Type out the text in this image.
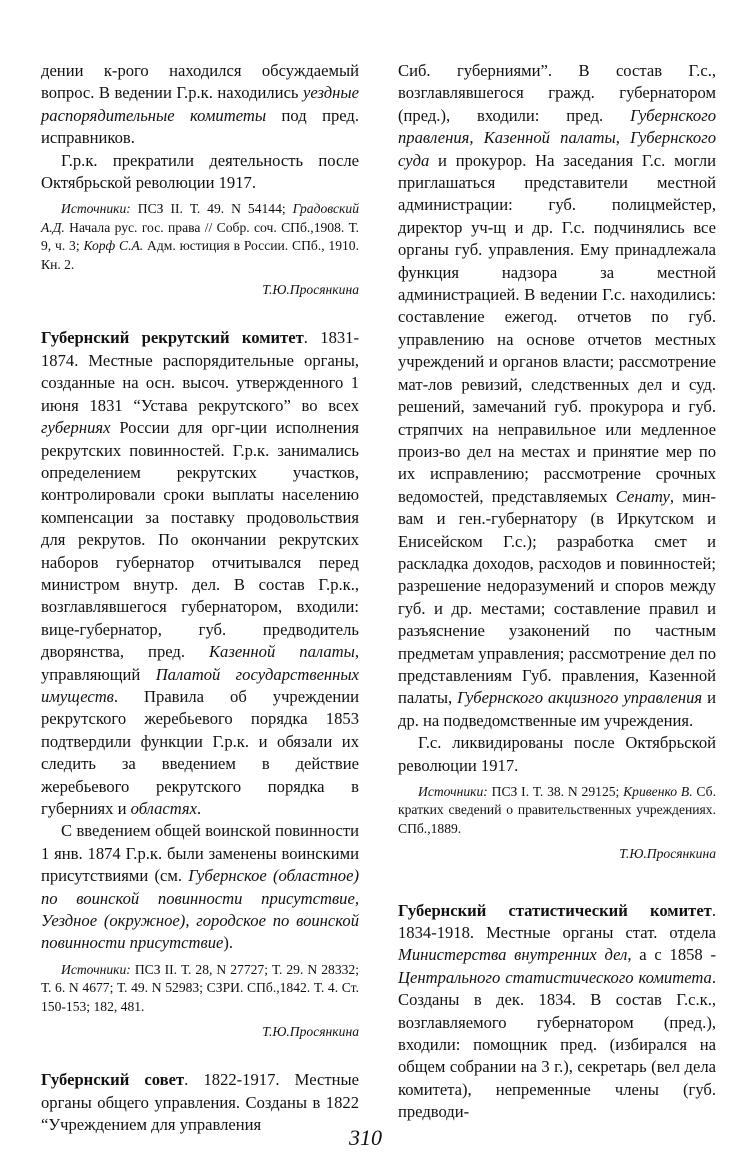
дении к-рого находился обсуждаемый вопрос. В ведении Г.р.к. находились уездные распорядительные комитеты под пред. исправников.

Г.р.к. прекратили деятельность после Октябрьской революции 1917.

Источники: ПСЗ II. Т. 49. N 54144; Градовский А.Д. Начала рус. гос. права // Собр. соч. СПб.,1908. Т. 9, ч. 3; Корф С.А. Адм. юстиция в России. СПб., 1910. Кн. 2.

Т.Ю.Просянкина

Губернский рекрутский комитет. 1831-1874. Местные распорядительные органы, созданные на осн. высоч. утвержденного 1 июня 1831 “Устава рекрутского” во всех губерниях России для орг-ции исполнения рекрутских повинностей. Г.р.к. занимались определением рекрутских участков, контролировали сроки выплаты населению компенсации за поставку продовольствия для рекрутов. По окончании рекрутских наборов губернатор отчитывался перед министром внутр. дел. В состав Г.р.к., возглавлявшегося губернатором, входили: вице-губернатор, губ. предводитель дворянства, пред. Казенной палаты, управляющий Палатой государственных имуществ. Правила об учреждении рекрутского жеребьевого порядка 1853 подтвердили функции Г.р.к. и обязали их следить за введением в действие жеребьевого рекрутского порядка в губерниях и областях.

С введением общей воинской повинности 1 янв. 1874 Г.р.к. были заменены воинскими присутствиями (см. Губернское (областное) по воинской повинности присутствие, Уездное (окружное), городское по воинской повинности присутствие).

Источники: ПСЗ II. Т. 28, N 27727; Т. 29. N 28332; Т. 6. N 4677; Т. 49. N 52983; СЗРИ. СПб.,1842. Т. 4. Ст. 150-153; 182, 481.

Т.Ю.Просянкина

Губернский совет. 1822-1917. Местные органы общего управления. Созданы в 1822 “Учреждением для управления

Сиб. губерниями”. В состав Г.с., возглавлявшегося гражд. губернатором (пред.), входили: пред. Губернского правления, Казенной палаты, Губернского суда и прокурор. На заседания Г.с. могли приглашаться представители местной администрации: губ. полицмейстер, директор уч-щ и др. Г.с. подчинялись все органы губ. управления. Ему принадлежала функция надзора за местной администрацией. В ведении Г.с. находились: составление ежегод. отчетов по губ. управлению на основе отчетов местных учреждений и органов власти; рассмотрение мат-лов ревизий, следственных дел и суд. решений, замечаний губ. прокурора и губ. стряпчих на неправильное или медленное произ-во дел на местах и принятие мер по их исправлению; рассмотрение срочных ведомостей, представляемых Сенату, мин-вам и ген.-губернатору (в Иркутском и Енисейском Г.с.); разработка смет и раскладка доходов, расходов и повинностей; разрешение недоразумений и споров между губ. и др. местами; составление правил и разъяснение узаконений по частным предметам управления; рассмотрение дел по представлениям Губ. правления, Казенной палаты, Губернского акцизного управления и др. на подведомственные им учреждения.

Г.с. ликвидированы после Октябрьской революции 1917.

Источники: ПСЗ I. Т. 38. N 29125; Кривенко В. Сб. кратких сведений о правительственных учреждениях. СПб.,1889.

Т.Ю.Просянкина

Губернский статистический комитет. 1834-1918. Местные органы стат. отдела Министерства внутренних дел, а с 1858 - Центрального статистического комитета. Созданы в дек. 1834. В состав Г.с.к., возглавляемого губернатором (пред.), входили: помощник пред. (избирался на общем собрании на 3 г.), секретарь (вел дела комитета), непременные члены (губ. предводи-

310
